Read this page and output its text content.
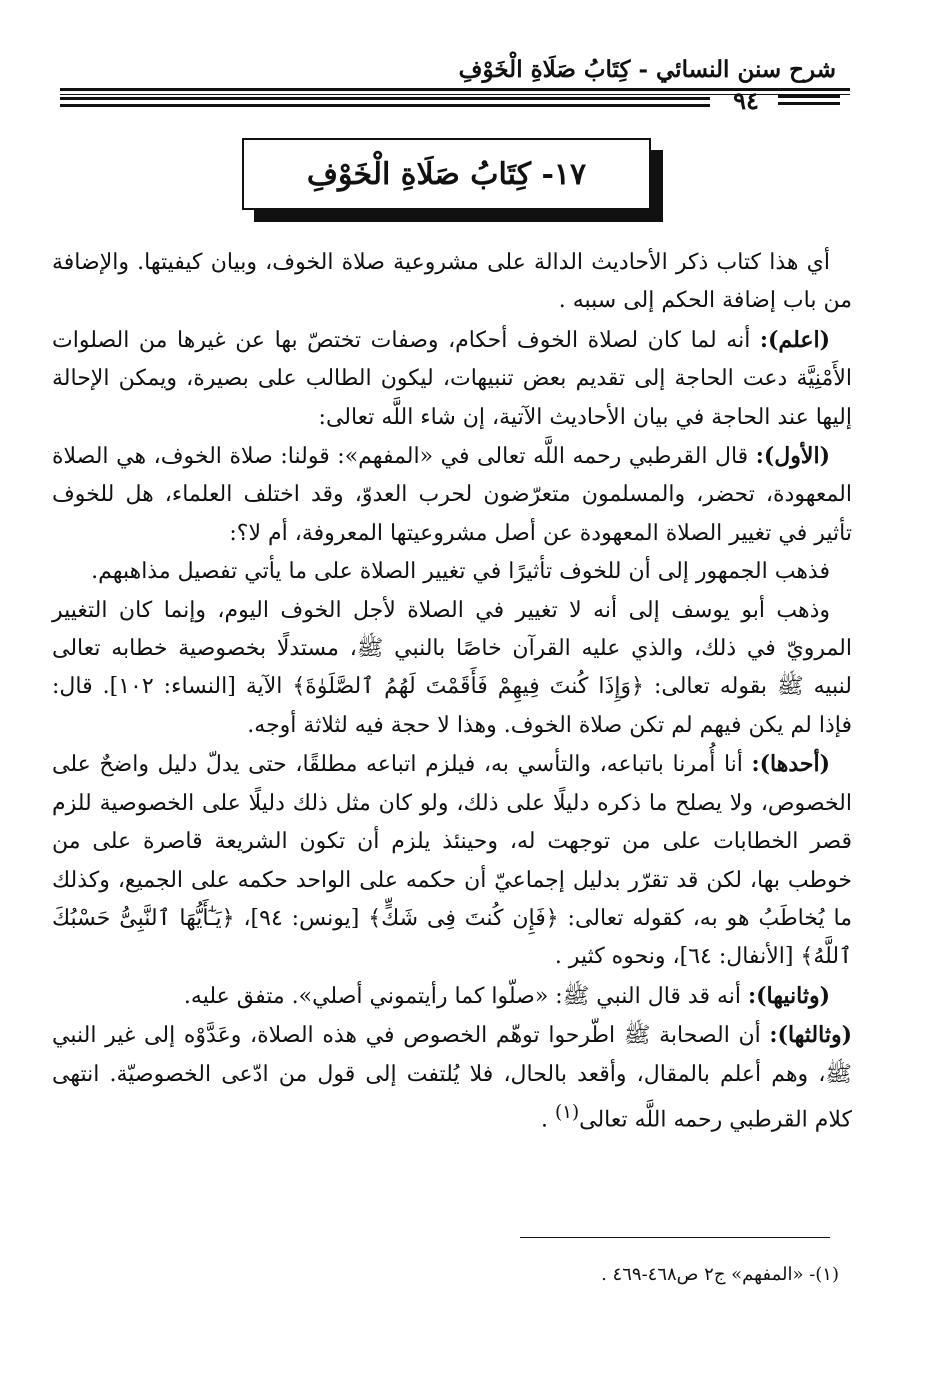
شرح سنن النسائي - كِتَابُ صَلَاةِ الْخَوْفِ
٩٤
١٧- كِتَابُ صَلَاةِ الْخَوْفِ

أي هذا كتاب ذكر الأحاديث الدالة على مشروعية صلاة الخوف، وبيان كيفيتها. والإضافة من باب إضافة الحكم إلى سببه .

(اعلم): أنه لما كان لصلاة الخوف أحكام، وصفات تختصّ بها عن غيرها من الصلوات الأَمْنِيَّة دعت الحاجة إلى تقديم بعض تنبيهات، ليكون الطالب على بصيرة، ويمكن الإحالة إليها عند الحاجة في بيان الأحاديث الآتية، إن شاء اللَّه تعالى:

(الأول): قال القرطبي رحمه اللَّه تعالى في «المفهم»: قولنا: صلاة الخوف، هي الصلاة المعهودة، تحضر، والمسلمون متعرّضون لحرب العدوّ، وقد اختلف العلماء، هل للخوف تأثير في تغيير الصلاة المعهودة عن أصل مشروعيتها المعروفة، أم لا؟:

فذهب الجمهور إلى أن للخوف تأثيرًا في تغيير الصلاة على ما يأتي تفصيل مذاهبهم.

وذهب أبو يوسف إلى أنه لا تغيير في الصلاة لأجل الخوف اليوم، وإنما كان التغيير المرويّ في ذلك، والذي عليه القرآن خاصًا بالنبي ﷺ، مستدلًا بخصوصية خطابه تعالى لنبيه ﷺ بقوله تعالى: ﴿وَإِذَا كُنتَ فِيهِمْ فَأَقَمْتَ لَهُمُ ٱلصَّلَوٰةَ﴾ الآية [النساء: ١٠٢]. قال: فإذا لم يكن فيهم لم تكن صلاة الخوف. وهذا لا حجة فيه لثلاثة أوجه.

(أحدها): أنا أُمرنا باتباعه، والتأسي به، فيلزم اتباعه مطلقًا، حتى يدلّ دليل واضحٌ على الخصوص، ولا يصلح ما ذكره دليلًا على ذلك، ولو كان مثل ذلك دليلًا على الخصوصية للزم قصر الخطابات على من توجهت له، وحينئذ يلزم أن تكون الشريعة قاصرة على من خوطب بها، لكن قد تقرّر بدليل إجماعيّ أن حكمه على الواحد حكمه على الجميع، وكذلك ما يُخاطَبُ هو به، كقوله تعالى: ﴿فَإِن كُنتَ فِى شَكٍّ﴾ [يونس: ٩٤]، ﴿يَـٰٓأَيُّهَا ٱلنَّبِىُّ حَسْبُكَ ٱللَّهُ﴾ [الأنفال: ٦٤]، ونحوه كثير .

(وثانيها): أنه قد قال النبي ﷺ: «صلّوا كما رأيتموني أصلي». متفق عليه.

(وثالثها): أن الصحابة ﷺ اطّرحوا توهّم الخصوص في هذه الصلاة، وعَدَّوْه إلى غير النبي ﷺ، وهم أعلم بالمقال، وأقعد بالحال، فلا يُلتفت إلى قول من ادّعى الخصوصيّة. انتهى كلام القرطبي رحمه اللَّه تعالى$^{(١)}$ .

(١)- «المفهم» ج٢ ص٤٦٨-٤٦٩ .
